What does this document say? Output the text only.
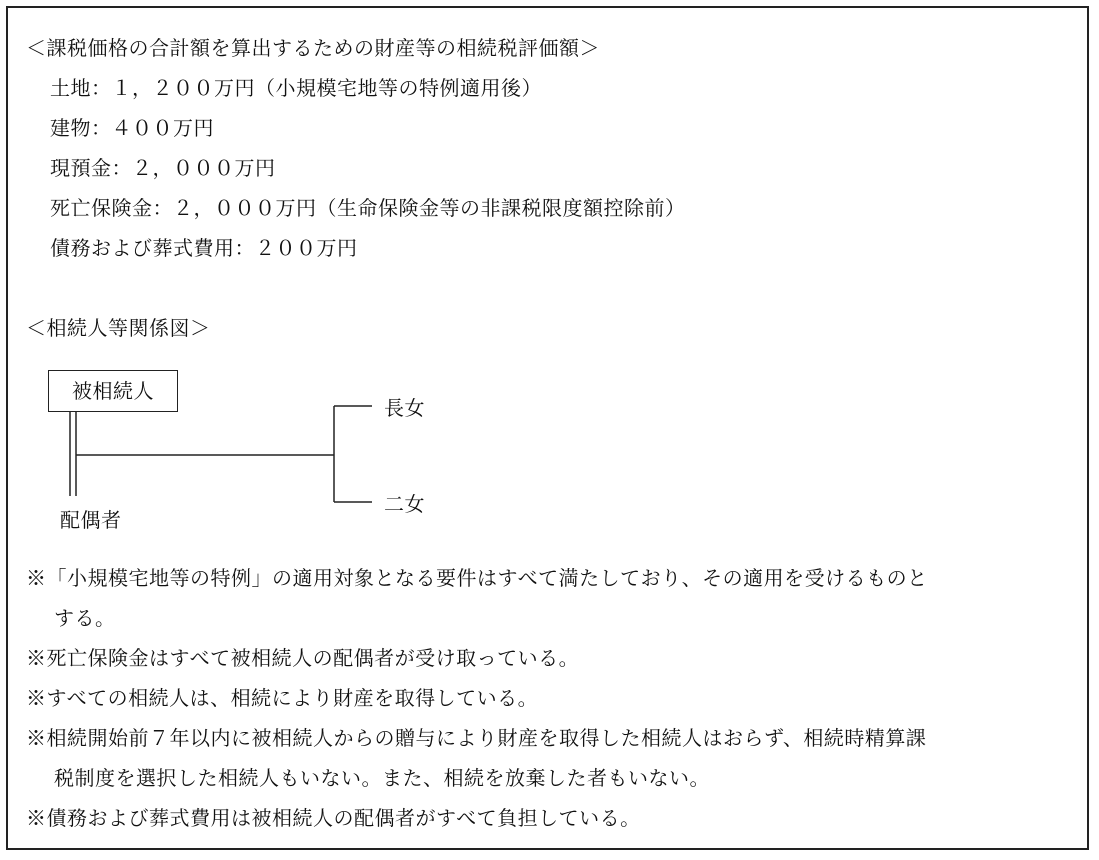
＜課税価格の合計額を算出するための財産等の相続税評価額＞
土地：１，２００万円（小規模宅地等の特例適用後）
建物：４００万円
現預金：２，０００万円
死亡保険金：２，０００万円（生命保険金等の非課税限度額控除前）
債務および葬式費用：２００万円
＜相続人等関係図＞
被相続人
長女
二女
配偶者
※「小規模宅地等の特例」の適用対象となる要件はすべて満たしており、その適用を受けるものと
する。
※死亡保険金はすべて被相続人の配偶者が受け取っている。
※すべての相続人は、相続により財産を取得している。
※相続開始前７年以内に被相続人からの贈与により財産を取得した相続人はおらず、相続時精算課
税制度を選択した相続人もいない。また、相続を放棄した者もいない。
※債務および葬式費用は被相続人の配偶者がすべて負担している。
